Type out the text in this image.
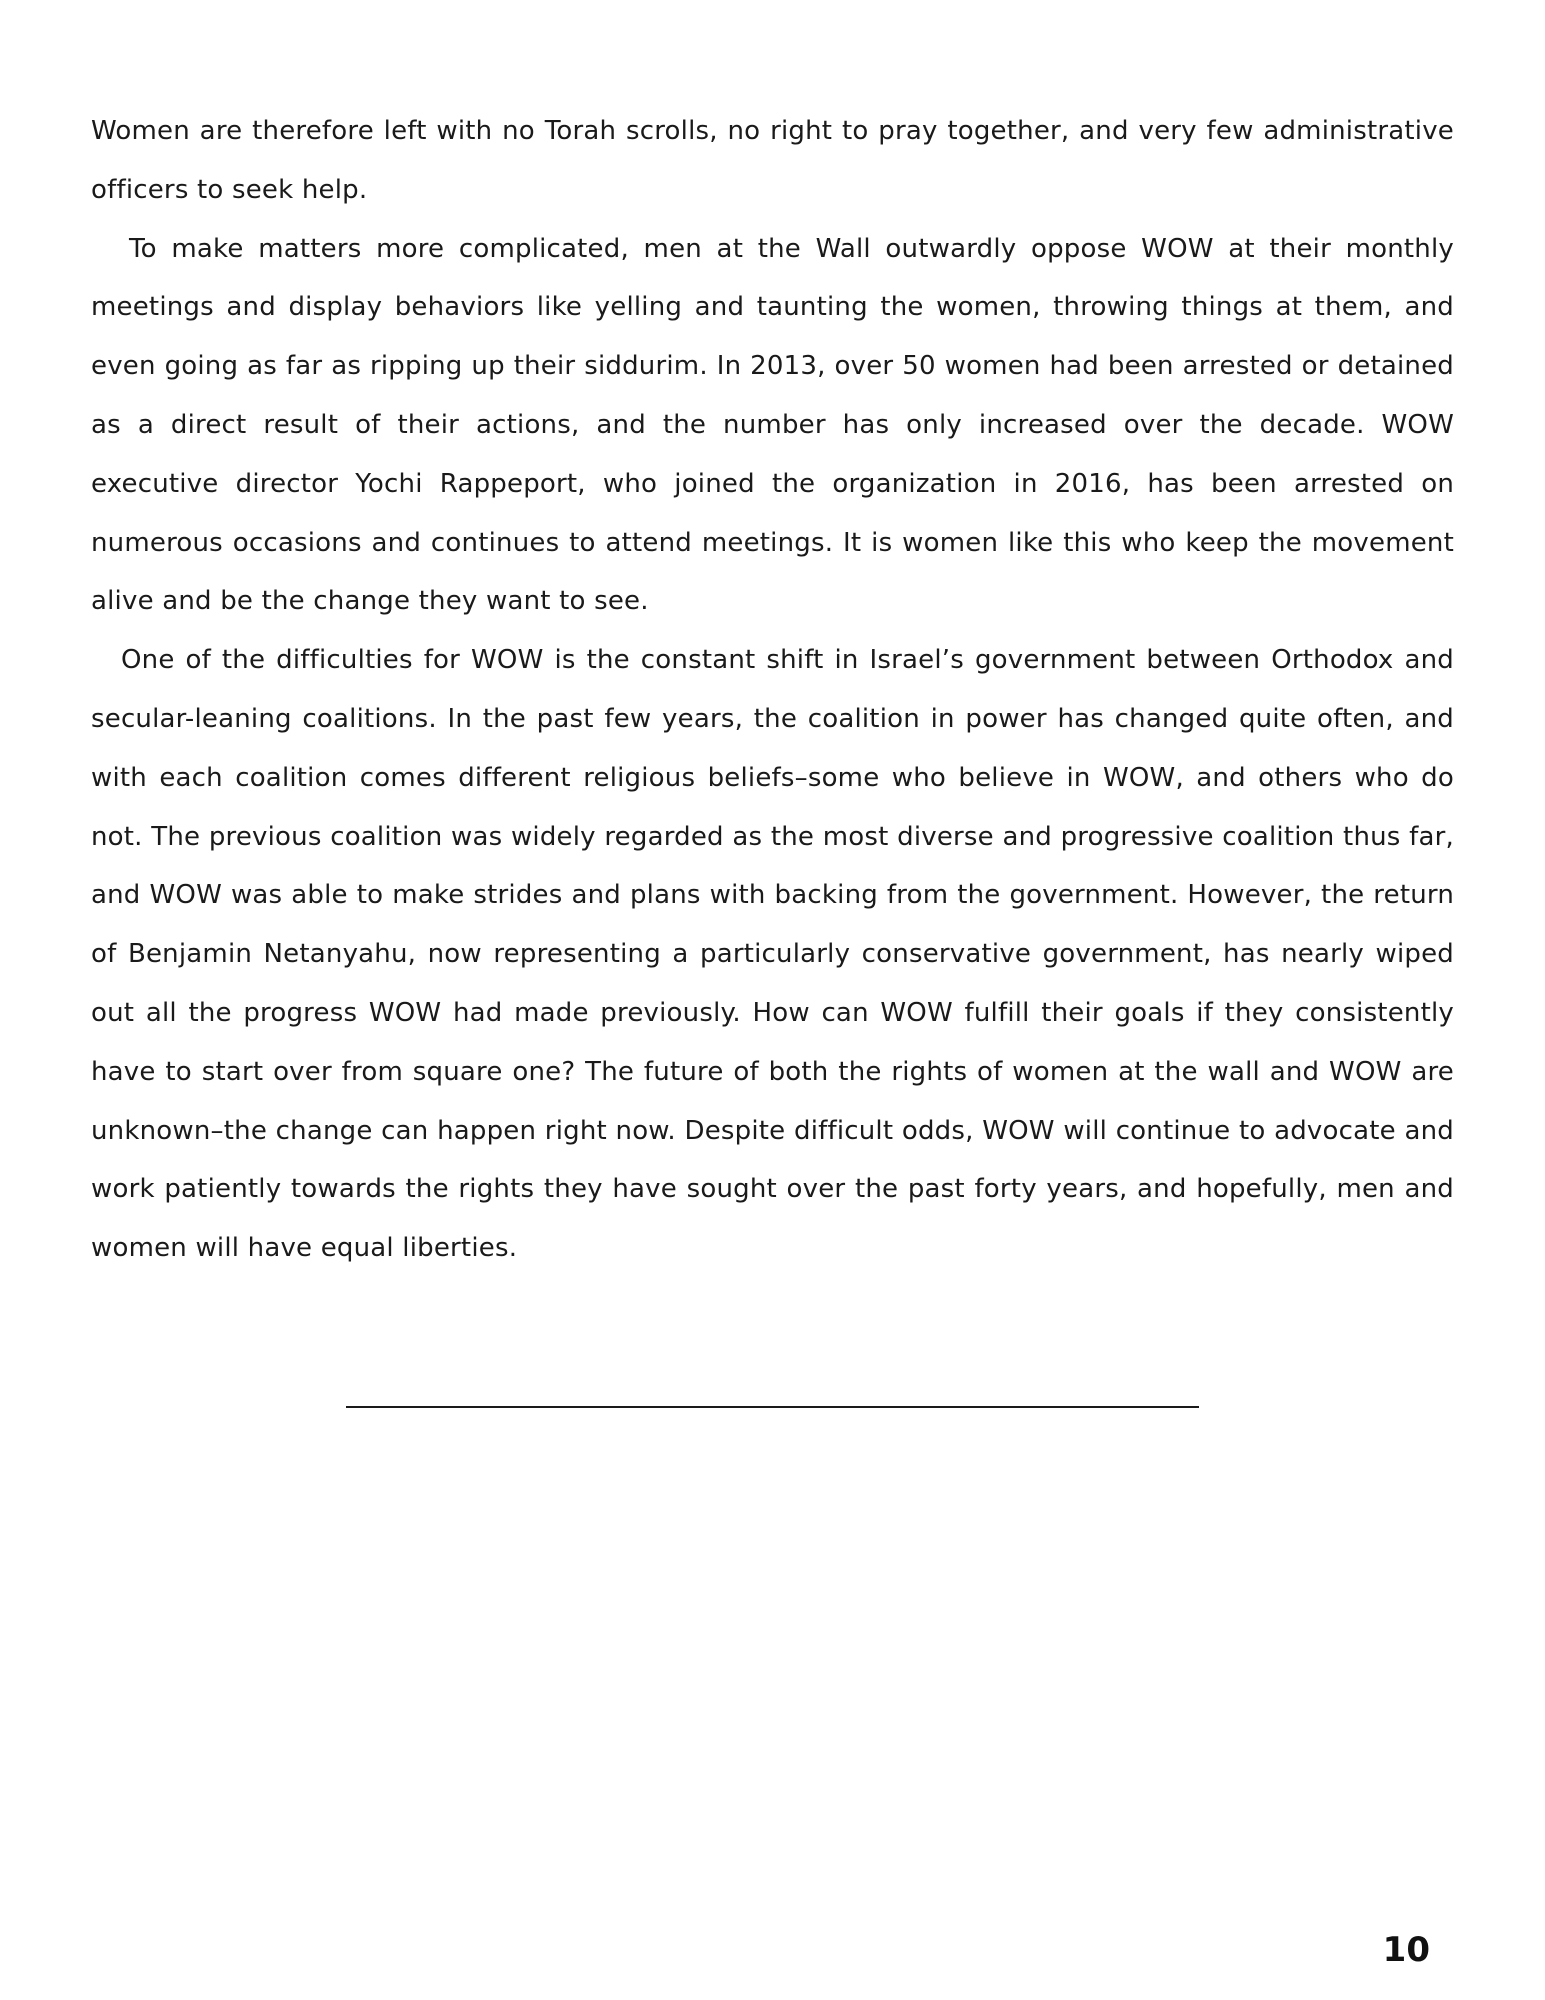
Women are therefore left with no Torah scrolls, no right to pray together, and very few administrative officers to seek help.

To make matters more complicated, men at the Wall outwardly oppose WOW at their monthly meetings and display behaviors like yelling and taunting the women, throwing things at them, and even going as far as ripping up their siddurim. In 2013, over 50 women had been arrested or detained as a direct result of their actions, and the number has only increased over the decade. WOW executive director Yochi Rappeport, who joined the organization in 2016, has been arrested on numerous occasions and continues to attend meetings. It is women like this who keep the movement alive and be the change they want to see.

One of the difficulties for WOW is the constant shift in Israel’s government between Orthodox and secular-leaning coalitions. In the past few years, the coalition in power has changed quite often, and with each coalition comes different religious beliefs–some who believe in WOW, and others who do not. The previous coalition was widely regarded as the most diverse and progressive coalition thus far, and WOW was able to make strides and plans with backing from the government. However, the return of Benjamin Netanyahu, now representing a particularly conservative government, has nearly wiped out all the progress WOW had made previously. How can WOW fulfill their goals if they consistently have to start over from square one? The future of both the rights of women at the wall and WOW are unknown–the change can happen right now. Despite difficult odds, WOW will continue to advocate and work patiently towards the rights they have sought over the past forty years, and hopefully, men and women will have equal liberties.

10
